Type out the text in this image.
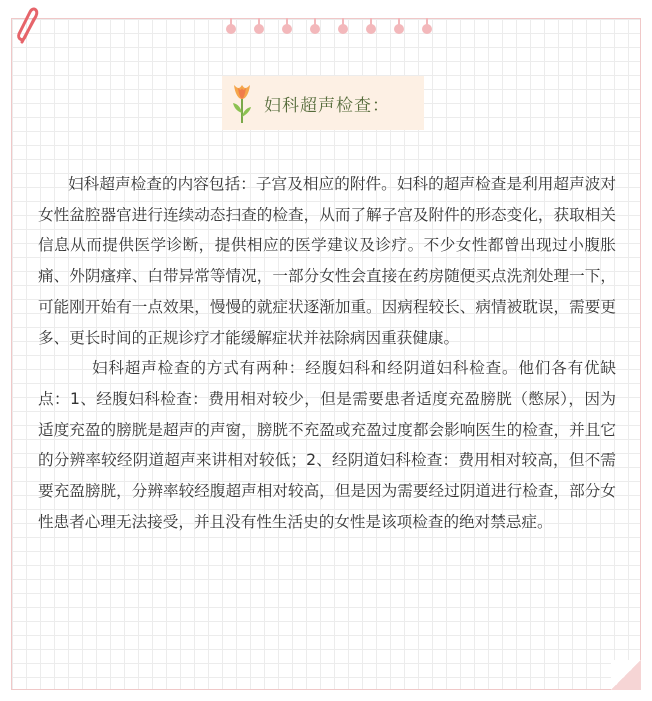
妇科超声检查：

妇科超声检查的内容包括：子宫及相应的附件。妇科的超声检查是利用超声波对女性盆腔器官进行连续动态扫查的检查，从而了解子宫及附件的形态变化，获取相关信息从而提供医学诊断，提供相应的医学建议及诊疗。不少女性都曾出现过小腹胀痛、外阴瘙痒、白带异常等情况，一部分女性会直接在药房随便买点洗剂处理一下，可能刚开始有一点效果，慢慢的就症状逐渐加重。因病程较长、病情被耽误，需要更多、更长时间的正规诊疗才能缓解症状并祛除病因重获健康。

妇科超声检查的方式有两种：经腹妇科和经阴道妇科检查。他们各有优缺点：1、经腹妇科检查：费用相对较少，但是需要患者适度充盈膀胱（憋尿），因为适度充盈的膀胱是超声的声窗，膀胱不充盈或充盈过度都会影响医生的检查，并且它的分辨率较经阴道超声来讲相对较低；2、经阴道妇科检查：费用相对较高，但不需要充盈膀胱，分辨率较经腹超声相对较高，但是因为需要经过阴道进行检查，部分女性患者心理无法接受，并且没有性生活史的女性是该项检查的绝对禁忌症。
